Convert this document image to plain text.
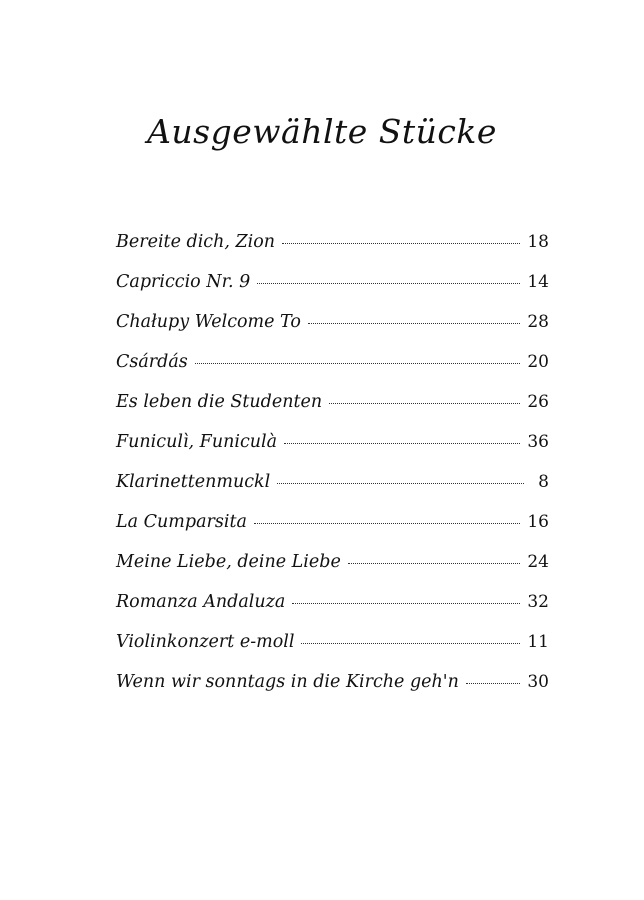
Ausgewählte Stücke
Bereite dich, Zion	18
Capriccio Nr. 9	14
Chałupy Welcome To	28
Csárdás	20
Es leben die Studenten	26
Funiculì, Funiculà	36
Klarinettenmuckl	8
La Cumparsita	16
Meine Liebe, deine Liebe	24
Romanza Andaluza	32
Violinkonzert e-moll	11
Wenn wir sonntags in die Kirche geh'n	30
